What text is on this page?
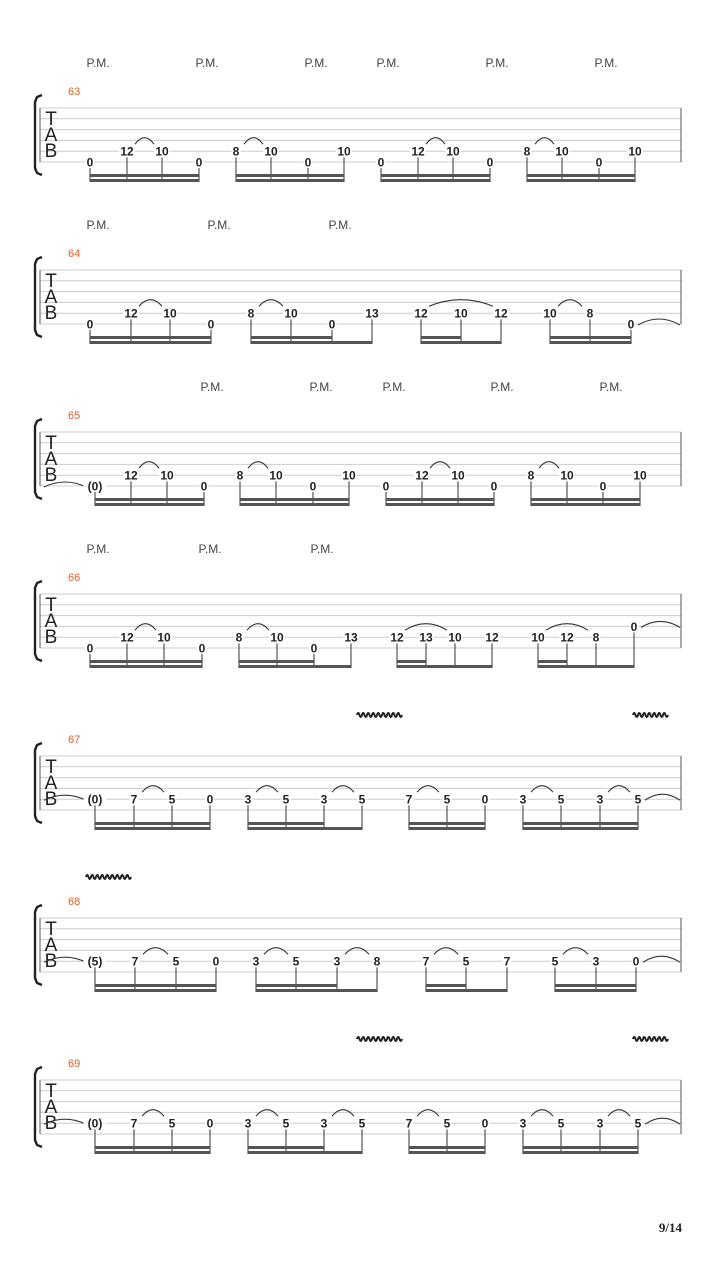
P.M.	P.M.	P.M.	P.M.	P.M.	P.M.
63
T
A
B
0
12 10
0
8 10
0
10
0
12 10
0
8 10
0
10
P.M.	P.M.	P.M.
64
T
A
B
0
12 10
0
8 10
0
13	12 10 12	10 8
0
P.M.	P.M.	P.M.	P.M.	P.M.
65
T
A
B
(0)
12 10
0
8 10
0
10
0
12 10
0
8 10
0
10
P.M.	P.M.	P.M.
66
T
A
B
0
12 10
0
8 10
0
13	12 13 10 12	10 12 8
0
67
T
A
B	(0) 7	5	0	3	5	3	5	7	5	0	3	5	3	5
68
T
A
B	(5) 7	5	0	3	5	3	8	7	5	7	5	3	0
69
T
A
B	(0) 7	5	0	3	5	3	5	7	5	0	3	5	3	5
9/14
